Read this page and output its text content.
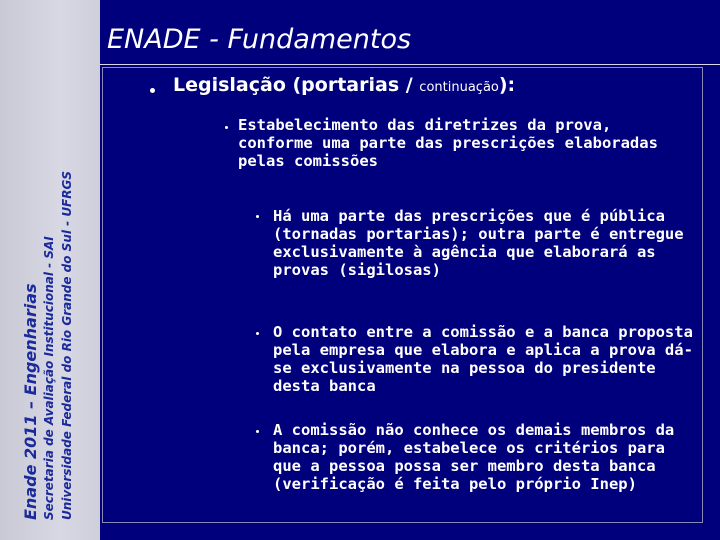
Enade 2011 – Engenharias Secretaria de Avaliação Institucional - SAI Universidade Federal do Rio Grande do Sul - UFRGS
ENADE - Fundamentos
Legislação (portarias / continuação):
Estabelecimento das diretrizes da prova, conforme uma parte das prescrições elaboradas pelas comissões
Há uma parte das prescrições que é pública (tornadas portarias); outra parte é entregue exclusivamente à agência que elaborará as provas (sigilosas)
O contato entre a comissão e a banca proposta pela empresa que elabora e aplica a prova dá-se exclusivamente na pessoa do presidente desta banca
A comissão não conhece os demais membros da banca; porém, estabelece os critérios para que a pessoa possa ser membro desta banca (verificação é feita pelo próprio Inep)
